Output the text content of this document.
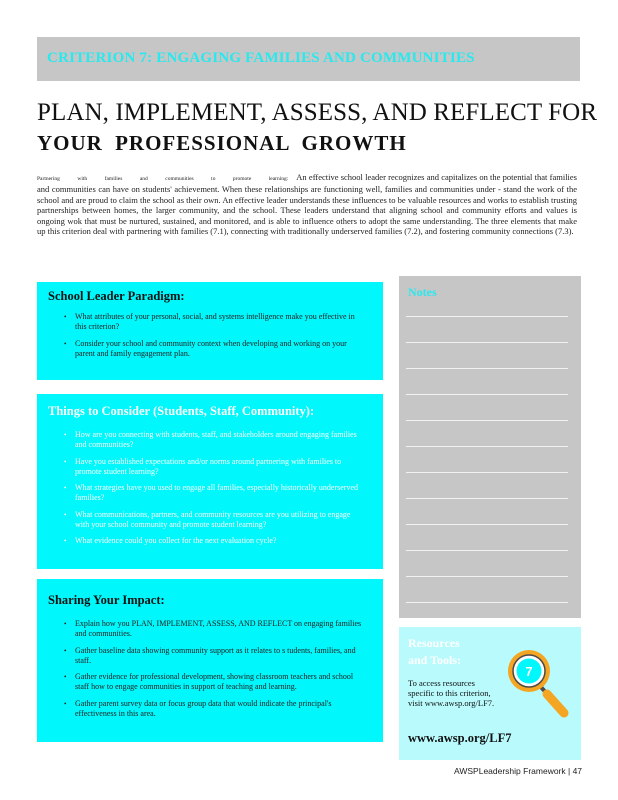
CRITERION 7: ENGAGING FAMILIES AND COMMUNITIES
PLAN, IMPLEMENT, ASSESS, AND REFLECT FOR
YOUR PROFESSIONAL GROWTH
Partnering with families and communities to promote learning: An effective school leader recognizes and capitalizes on the potential that families and communities can have on students' achievement. When these relationships are functioning well, families and communities under - stand the work of the school and are proud to claim the school as their own. An effective leader understands these influences to be valuable resources and works to establish trusting partnerships between homes, the larger community, and the school. These leaders understand that aligning school and community efforts and values is ongoing wok that must be nurtured, sustained, and monitored, and is able to influence others to adopt the same understanding. The three elements that make up this criterion deal with partnering with families (7.1), connecting with traditionally underserved families (7.2), and fostering community connections (7.3).
School Leader Paradigm:
• What attributes of your personal, social, and systems intelligence make you effective in this criterion?
• Consider your school and community context when developing and working on your parent and family engagement plan.
Things to Consider (Students, Staff, Community):
• How are you connecting with students, staff, and stakeholders around engaging families and communities?
• Have you established expectations and/or norms around partnering with families to promote student learning?
• What strategies have you used to engage all families, especially historically underserved families?
• What communications, partners, and community resources are you utilizing to engage with your school community and promote student learning?
• What evidence could you collect for the next evaluation cycle?
Sharing Your Impact:
• Explain how you PLAN, IMPLEMENT, ASSESS, AND REFLECT on engaging families and communities.
• Gather baseline data showing community support as it relates to s tudents, families, and staff.
• Gather evidence for professional development, showing classroom teachers and school staff how to engage communities in support of teaching and learning.
• Gather parent survey data or focus group data that would indicate the principal's effectiveness in this area.
Notes
Resources and Tools:
To access resources specific to this criterion, visit www.awsp.org/LF7.
www.awsp.org/LF7
7
AWSPLeadership Framework | 47
